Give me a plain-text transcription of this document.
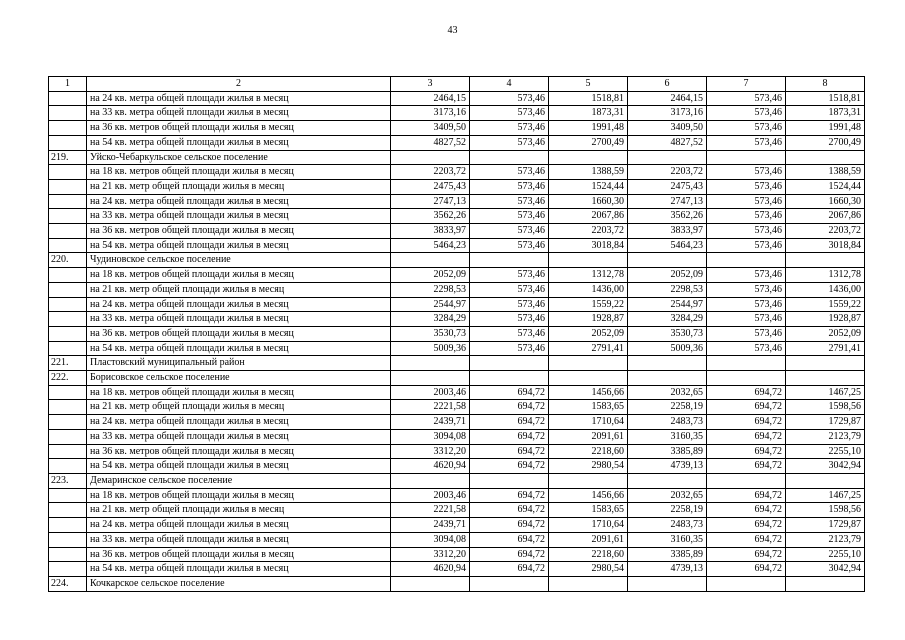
43
1	2	3	4	5	6	7	8
	на 24 кв. метра общей площади жилья в месяц	2464,15	573,46	1518,81	2464,15	573,46	1518,81
	на 33 кв. метра общей площади жилья в месяц	3173,16	573,46	1873,31	3173,16	573,46	1873,31
	на 36 кв. метров общей площади жилья в месяц	3409,50	573,46	1991,48	3409,50	573,46	1991,48
	на 54 кв. метра общей площади жилья в месяц	4827,52	573,46	2700,49	4827,52	573,46	2700,49
219.	Уйско-Чебаркульское сельское поселение						
	на 18 кв. метров общей площади жилья в месяц	2203,72	573,46	1388,59	2203,72	573,46	1388,59
	на 21 кв. метр общей площади жилья в месяц	2475,43	573,46	1524,44	2475,43	573,46	1524,44
	на 24 кв. метра общей площади жилья в месяц	2747,13	573,46	1660,30	2747,13	573,46	1660,30
	на 33 кв. метра общей площади жилья в месяц	3562,26	573,46	2067,86	3562,26	573,46	2067,86
	на 36 кв. метров общей площади жилья в месяц	3833,97	573,46	2203,72	3833,97	573,46	2203,72
	на 54 кв. метра общей площади жилья в месяц	5464,23	573,46	3018,84	5464,23	573,46	3018,84
220.	Чудиновское сельское поселение						
	на 18 кв. метров общей площади жилья в месяц	2052,09	573,46	1312,78	2052,09	573,46	1312,78
	на 21 кв. метр общей площади жилья в месяц	2298,53	573,46	1436,00	2298,53	573,46	1436,00
	на 24 кв. метра общей площади жилья в месяц	2544,97	573,46	1559,22	2544,97	573,46	1559,22
	на 33 кв. метра общей площади жилья в месяц	3284,29	573,46	1928,87	3284,29	573,46	1928,87
	на 36 кв. метров общей площади жилья в месяц	3530,73	573,46	2052,09	3530,73	573,46	2052,09
	на 54 кв. метра общей площади жилья в месяц	5009,36	573,46	2791,41	5009,36	573,46	2791,41
221.	Пластовский муниципальный район						
222.	Борисовское сельское поселение						
	на 18 кв. метров общей площади жилья в месяц	2003,46	694,72	1456,66	2032,65	694,72	1467,25
	на 21 кв. метр общей площади жилья в месяц	2221,58	694,72	1583,65	2258,19	694,72	1598,56
	на 24 кв. метра общей площади жилья в месяц	2439,71	694,72	1710,64	2483,73	694,72	1729,87
	на 33 кв. метра общей площади жилья в месяц	3094,08	694,72	2091,61	3160,35	694,72	2123,79
	на 36 кв. метров общей площади жилья в месяц	3312,20	694,72	2218,60	3385,89	694,72	2255,10
	на 54 кв. метра общей площади жилья в месяц	4620,94	694,72	2980,54	4739,13	694,72	3042,94
223.	Демаринское сельское поселение						
	на 18 кв. метров общей площади жилья в месяц	2003,46	694,72	1456,66	2032,65	694,72	1467,25
	на 21 кв. метр общей площади жилья в месяц	2221,58	694,72	1583,65	2258,19	694,72	1598,56
	на 24 кв. метра общей площади жилья в месяц	2439,71	694,72	1710,64	2483,73	694,72	1729,87
	на 33 кв. метра общей площади жилья в месяц	3094,08	694,72	2091,61	3160,35	694,72	2123,79
	на 36 кв. метров общей площади жилья в месяц	3312,20	694,72	2218,60	3385,89	694,72	2255,10
	на 54 кв. метра общей площади жилья в месяц	4620,94	694,72	2980,54	4739,13	694,72	3042,94
224.	Кочкарское сельское поселение						
